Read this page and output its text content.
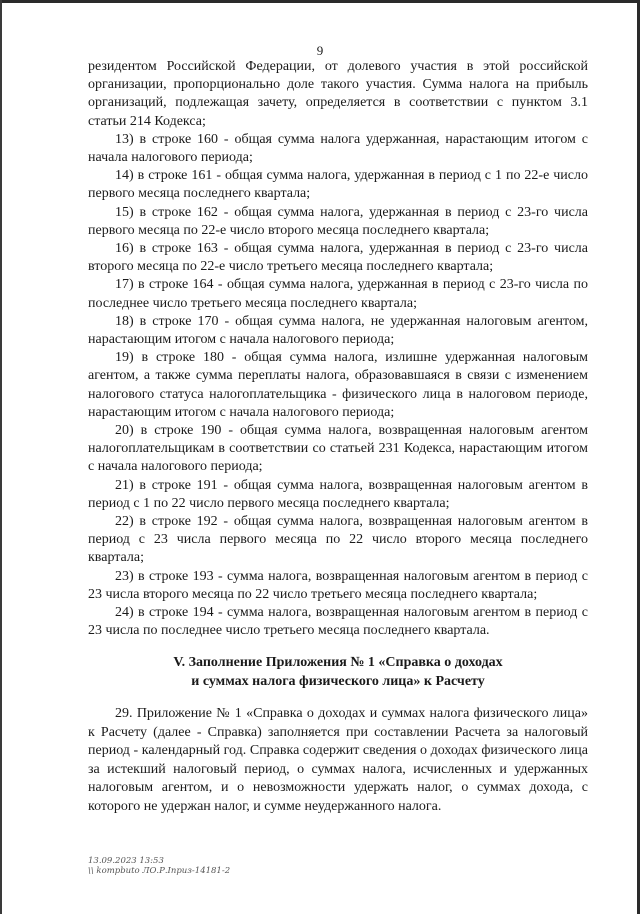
9

резидентом Российской Федерации, от долевого участия в этой российской организации, пропорционально доле такого участия. Сумма налога на прибыль организаций, подлежащая зачету, определяется в соответствии с пунктом 3.1 статьи 214 Кодекса;

13) в строке 160 - общая сумма налога удержанная, нарастающим итогом с начала налогового периода;

14) в строке 161 - общая сумма налога, удержанная в период с 1 по 22-е число первого месяца последнего квартала;

15) в строке 162 - общая сумма налога, удержанная в период с 23-го числа первого месяца по 22-е число второго месяца последнего квартала;

16) в строке 163 - общая сумма налога, удержанная в период с 23-го числа второго месяца по 22-е число третьего месяца последнего квартала;

17) в строке 164 - общая сумма налога, удержанная в период с 23-го числа по последнее число третьего месяца последнего квартала;

18) в строке 170 - общая сумма налога, не удержанная налоговым агентом, нарастающим итогом с начала налогового периода;

19) в строке 180 - общая сумма налога, излишне удержанная налоговым агентом, а также сумма переплаты налога, образовавшаяся в связи с изменением налогового статуса налогоплательщика - физического лица в налоговом периоде, нарастающим итогом с начала налогового периода;

20) в строке 190 - общая сумма налога, возвращенная налоговым агентом налогоплательщикам в соответствии со статьей 231 Кодекса, нарастающим итогом с начала налогового периода;

21) в строке 191 - общая сумма налога, возвращенная налоговым агентом в период с 1 по 22 число первого месяца последнего квартала;

22) в строке 192 - общая сумма налога, возвращенная налоговым агентом в период с 23 числа первого месяца по 22 число второго месяца последнего квартала;

23) в строке 193 - сумма налога, возвращенная налоговым агентом в период с 23 числа второго месяца по 22 число третьего месяца последнего квартала;

24) в строке 194 - сумма налога, возвращенная налоговым агентом в период с 23 числа по последнее число третьего месяца последнего квартала.

V. Заполнение Приложения № 1 «Справка о доходах
и суммах налога физического лица» к Расчету

29. Приложение № 1 «Справка о доходах и суммах налога физического лица» к Расчету (далее - Справка) заполняется при составлении Расчета за налоговый период - календарный год. Справка содержит сведения о доходах физического лица за истекший налоговый период, о суммах налога, исчисленных и удержанных налоговым агентом, и о невозможности удержать налог, о суммах дохода, с которого не удержан налог, и сумме неудержанного налога.

13.09.2023 13:53
\\ kompbuto ЛО.Р.Iпрuз-14181-2
